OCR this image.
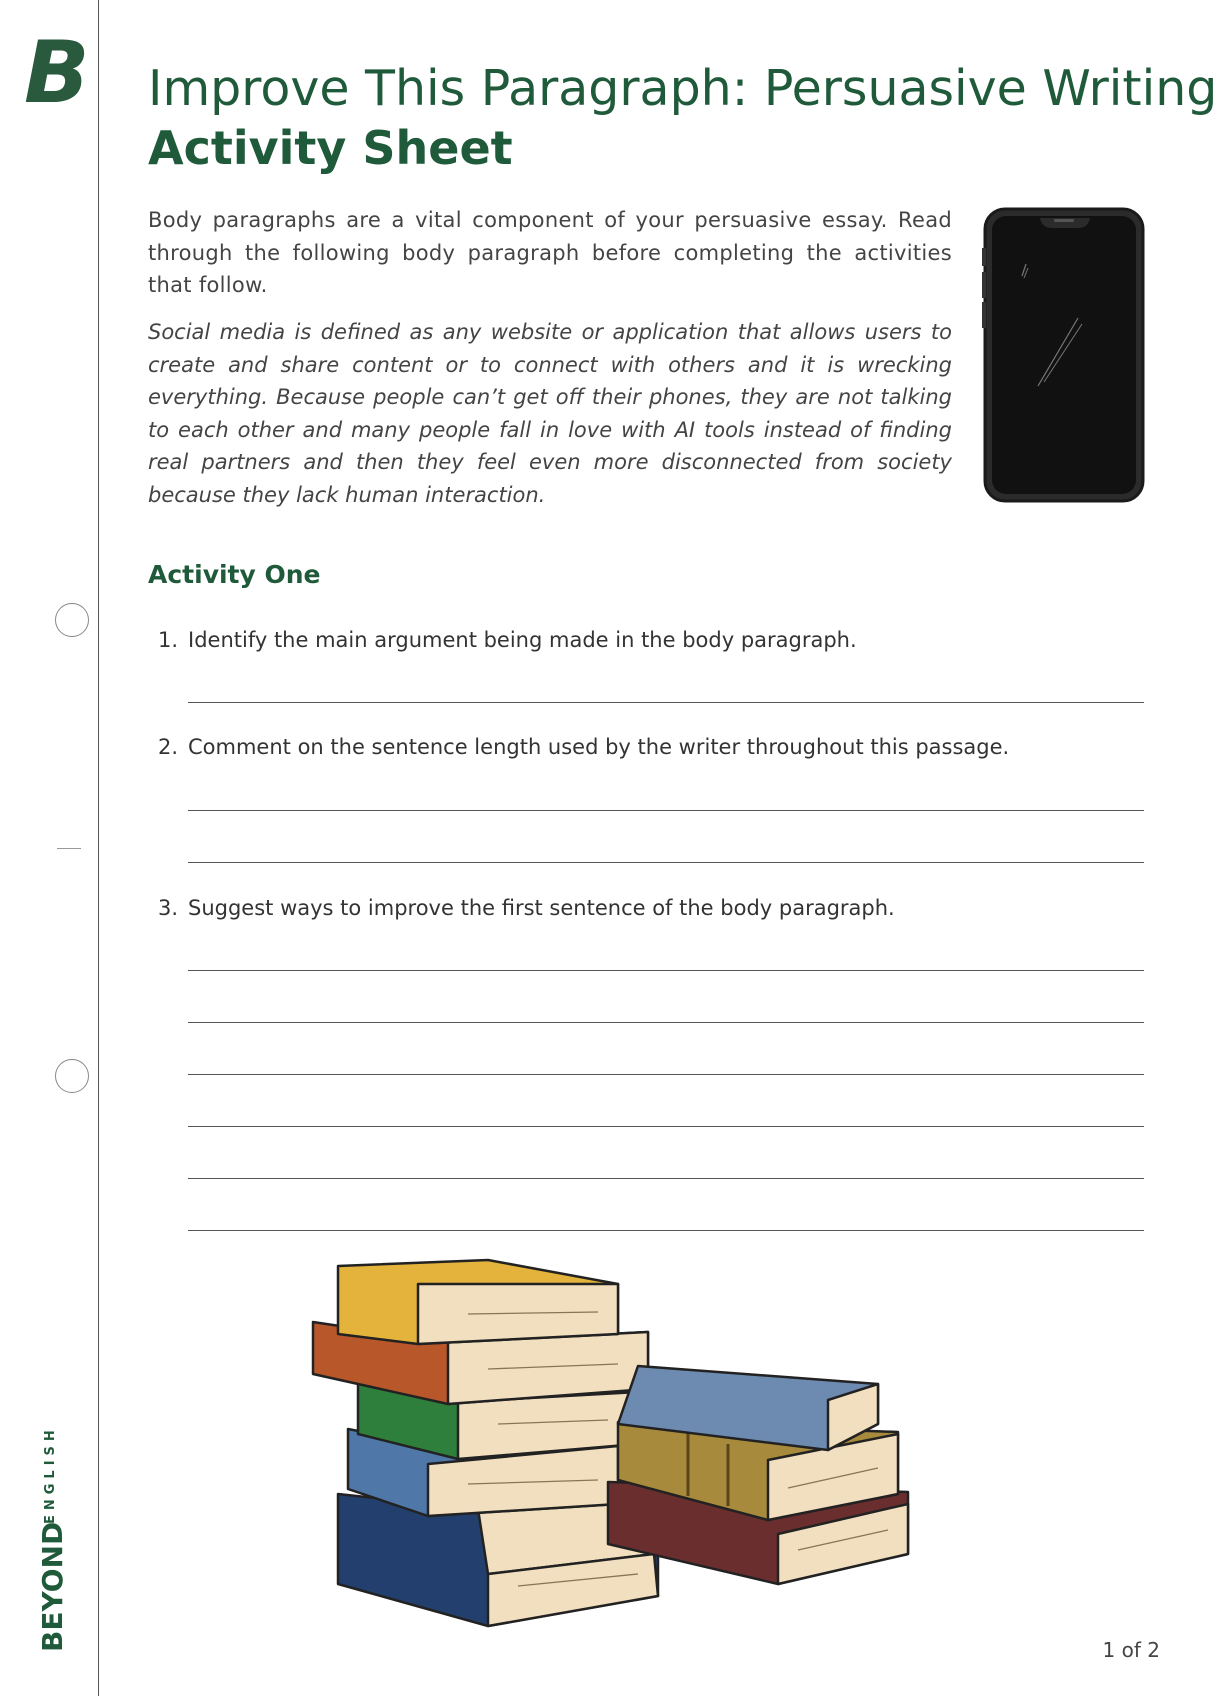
B
BEYOND
ENGLISH
Improve This Paragraph: Persuasive Writing
Activity Sheet
Body paragraphs are a vital component of your persuasive essay. Read through the following body paragraph before completing the activities that follow.
Social media is defined as any website or application that allows users to create and share content or to connect with others and it is wrecking everything. Because people can’t get off their phones, they are not talking to each other and many people fall in love with AI tools instead of finding real partners and then they feel even more disconnected from society because they lack human interaction.
Activity One
1. Identify the main argument being made in the body paragraph.
2. Comment on the sentence length used by the writer throughout this passage.
3. Suggest ways to improve the first sentence of the body paragraph.
1 of 2
